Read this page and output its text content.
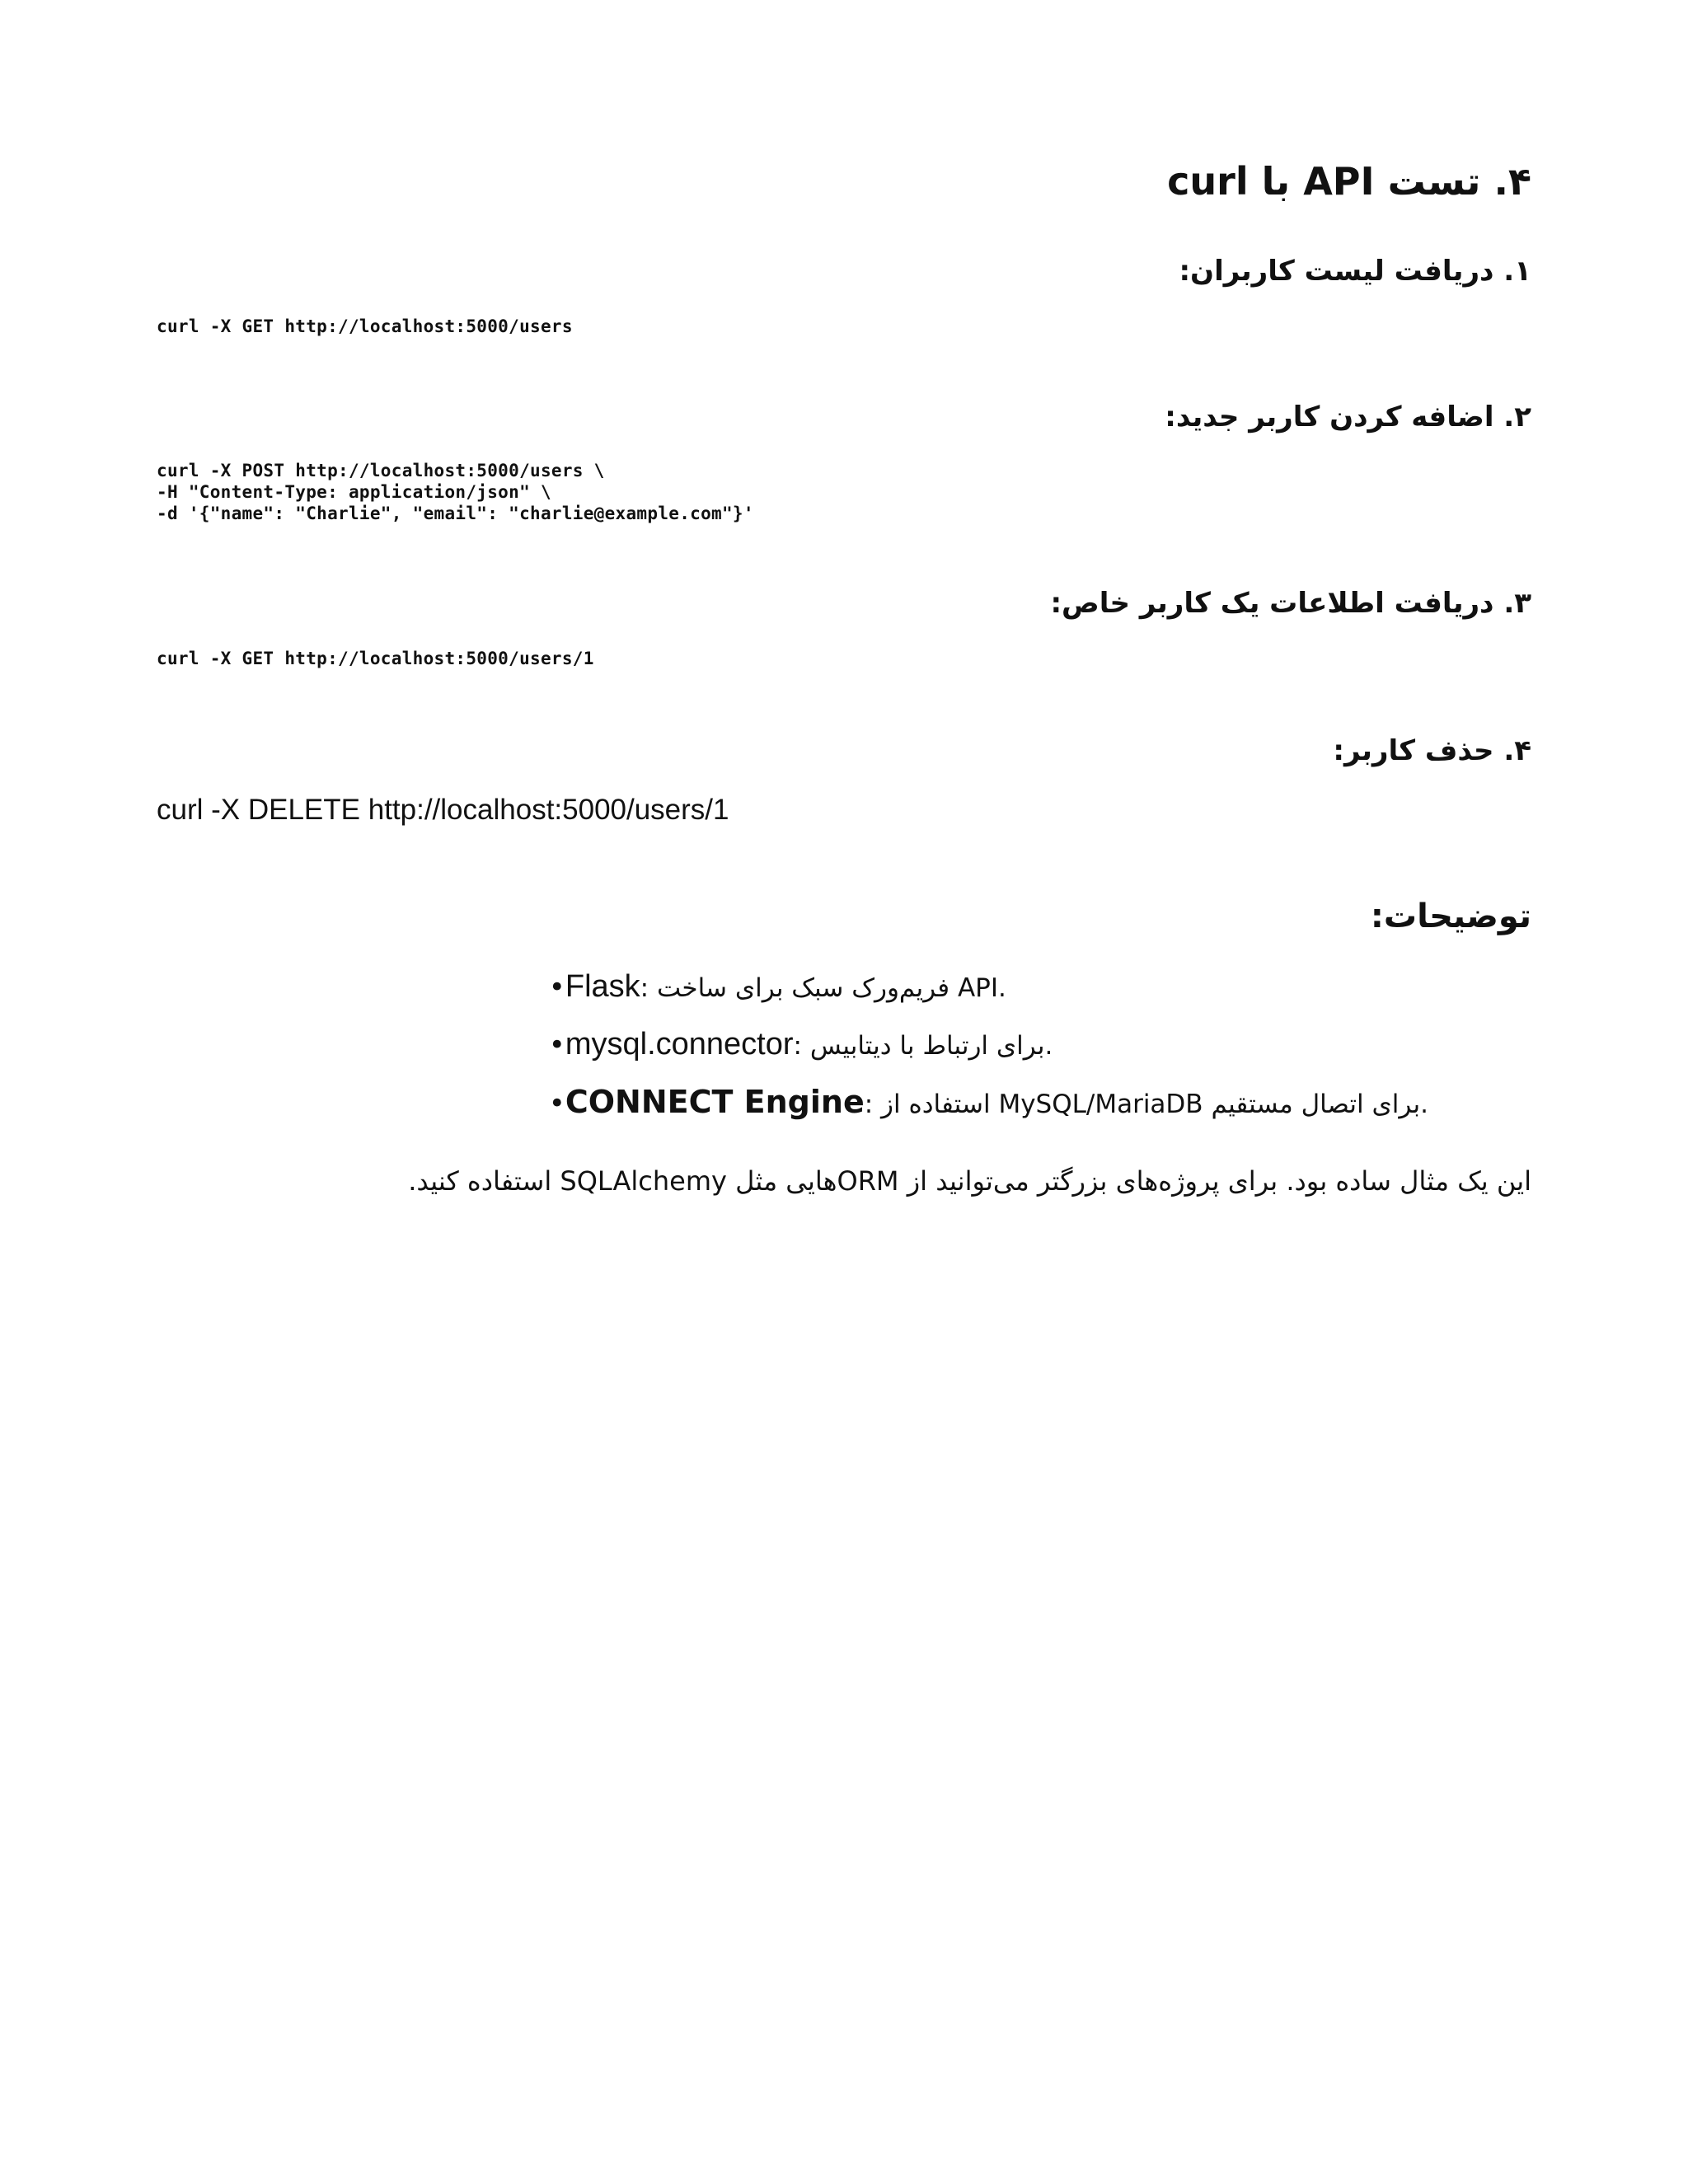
۴. تست API با curl
۱. دریافت لیست کاربران:
curl -X GET http://localhost:5000/users
۲. اضافه کردن کاربر جدید:
curl -X POST http://localhost:5000/users \
-H "Content-Type: application/json" \
-d '{"name": "Charlie", "email": "charlie@example.com"}'
۳. دریافت اطلاعات یک کاربر خاص:
curl -X GET http://localhost:5000/users/1
۴. حذف کاربر:
curl -X DELETE http://localhost:5000/users/1
توضیحات:
•Flask: فریم‌ورک سبک برای ساخت API.
•mysql.connector: برای ارتباط با دیتابیس.
•CONNECT Engine: استفاده از MySQL/MariaDB برای اتصال مستقیم.

این یک مثال ساده بود. برای پروژه‌های بزرگتر می‌توانید از ORMهایی مثل SQLAlchemy استفاده کنید.
